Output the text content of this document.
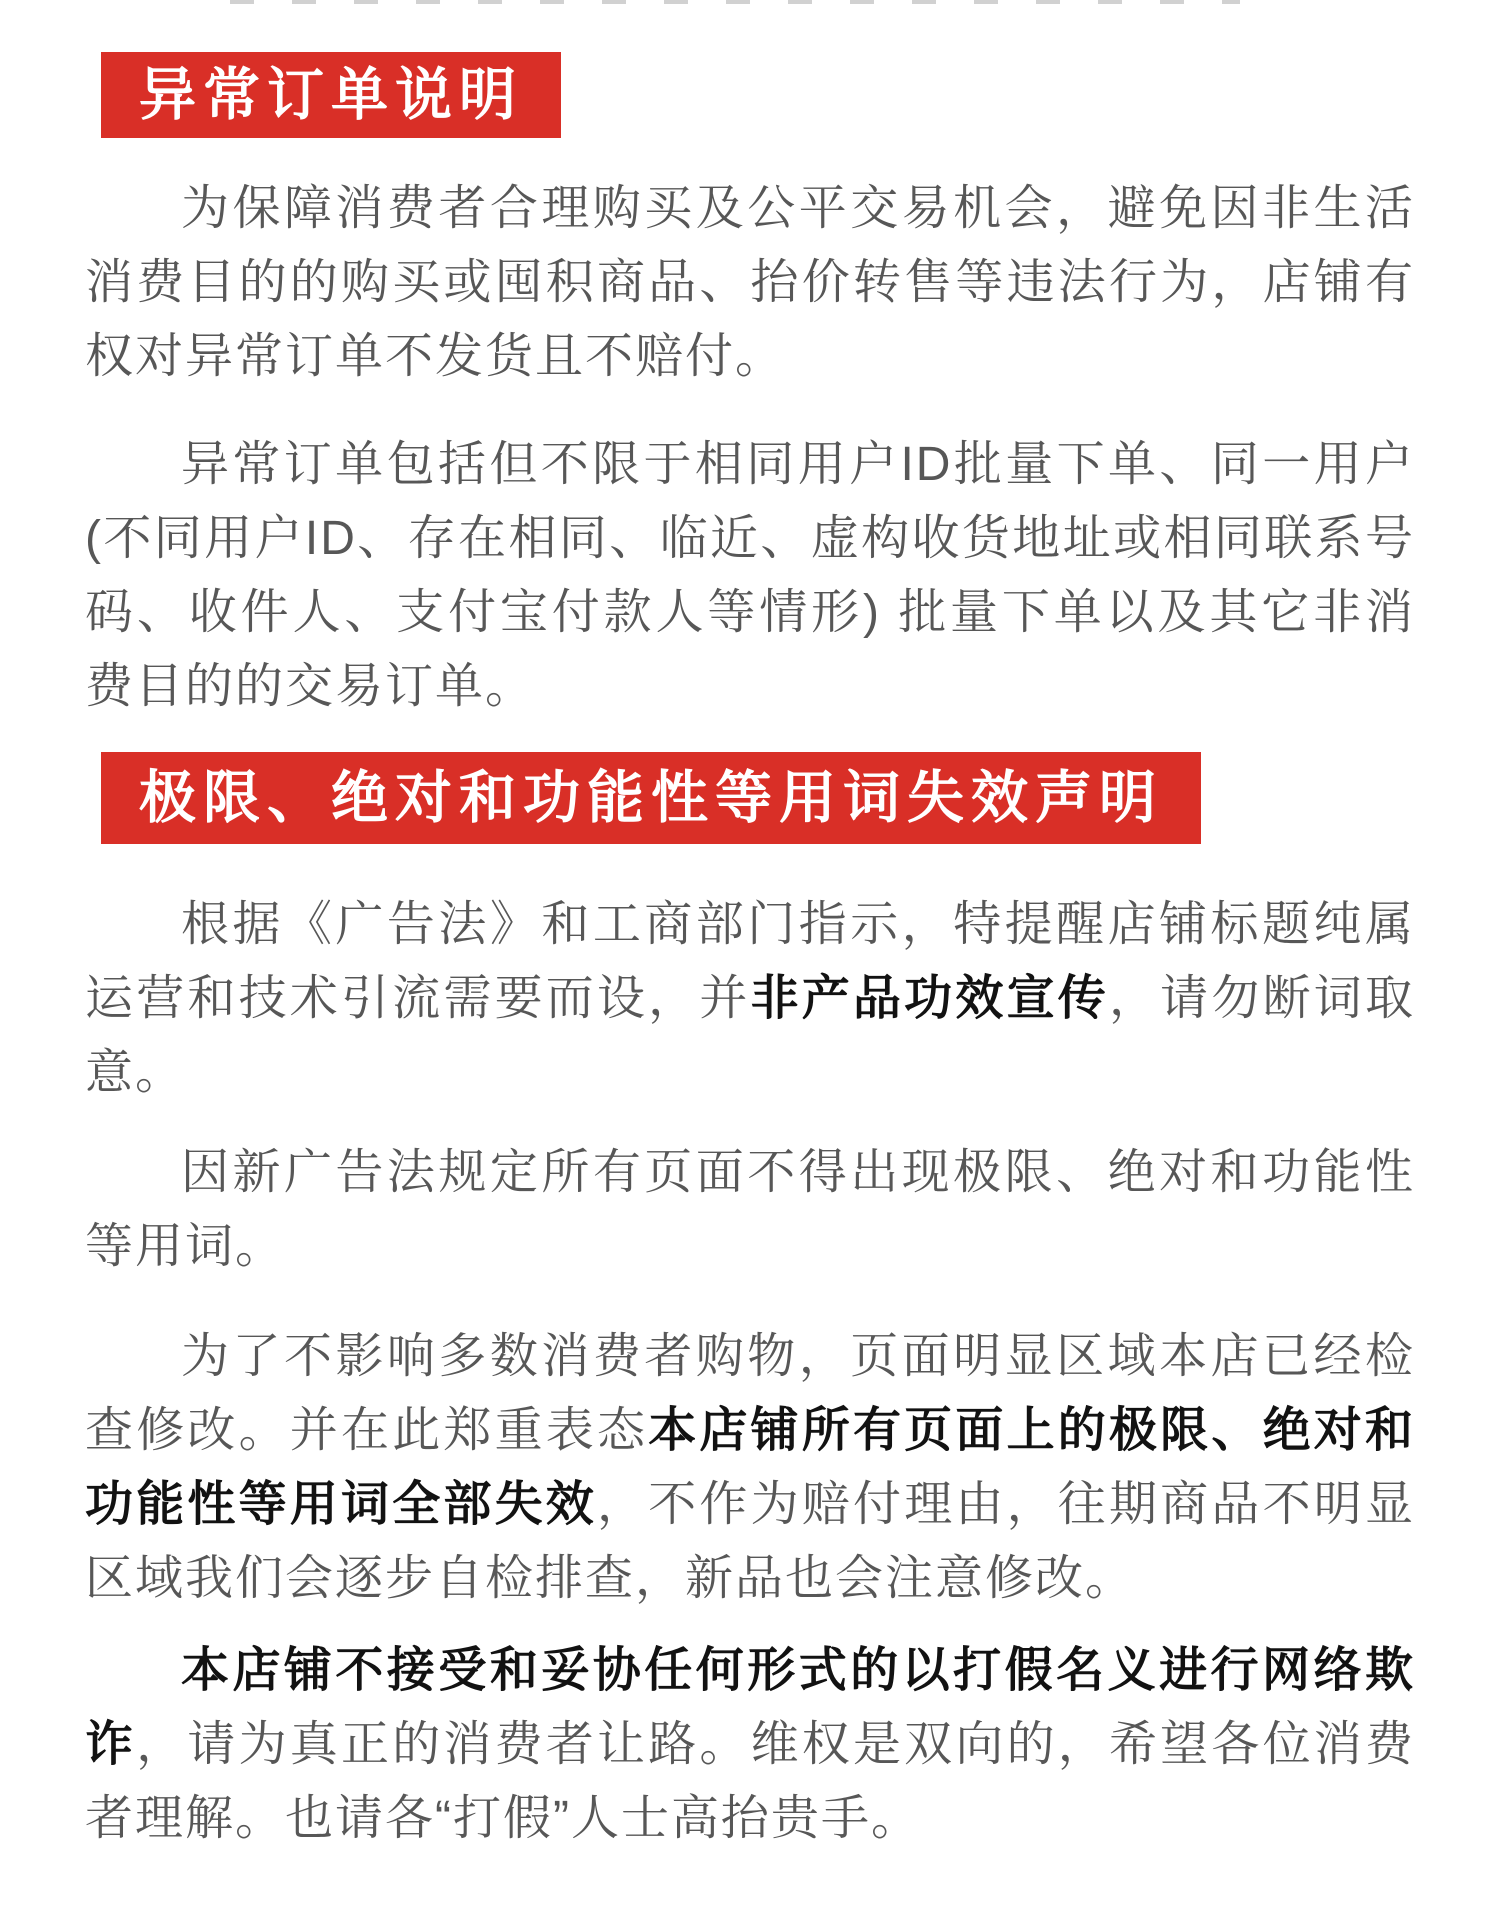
异常订单说明

为保障消费者合理购买及公平交易机会，避免因非生活消费目的的购买或囤积商品、抬价转售等违法行为，店铺有权对异常订单不发货且不赔付。

异常订单包括但不限于相同用户ID批量下单、同一用户(不同用户ID、存在相同、临近、虚构收货地址或相同联系号码、收件人、支付宝付款人等情形) 批量下单以及其它非消费目的的交易订单。

极限、绝对和功能性等用词失效声明

根据《广告法》和工商部门指示，特提醒店铺标题纯属运营和技术引流需要而设，并非产品功效宣传，请勿断词取意。

因新广告法规定所有页面不得出现极限、绝对和功能性等用词。

为了不影响多数消费者购物，页面明显区域本店已经检查修改。并在此郑重表态本店铺所有页面上的极限、绝对和功能性等用词全部失效，不作为赔付理由，往期商品不明显区域我们会逐步自检排查，新品也会注意修改。

本店铺不接受和妥协任何形式的以打假名义进行网络欺诈，请为真正的消费者让路。维权是双向的，希望各位消费者理解。也请各“打假”人士高抬贵手。
